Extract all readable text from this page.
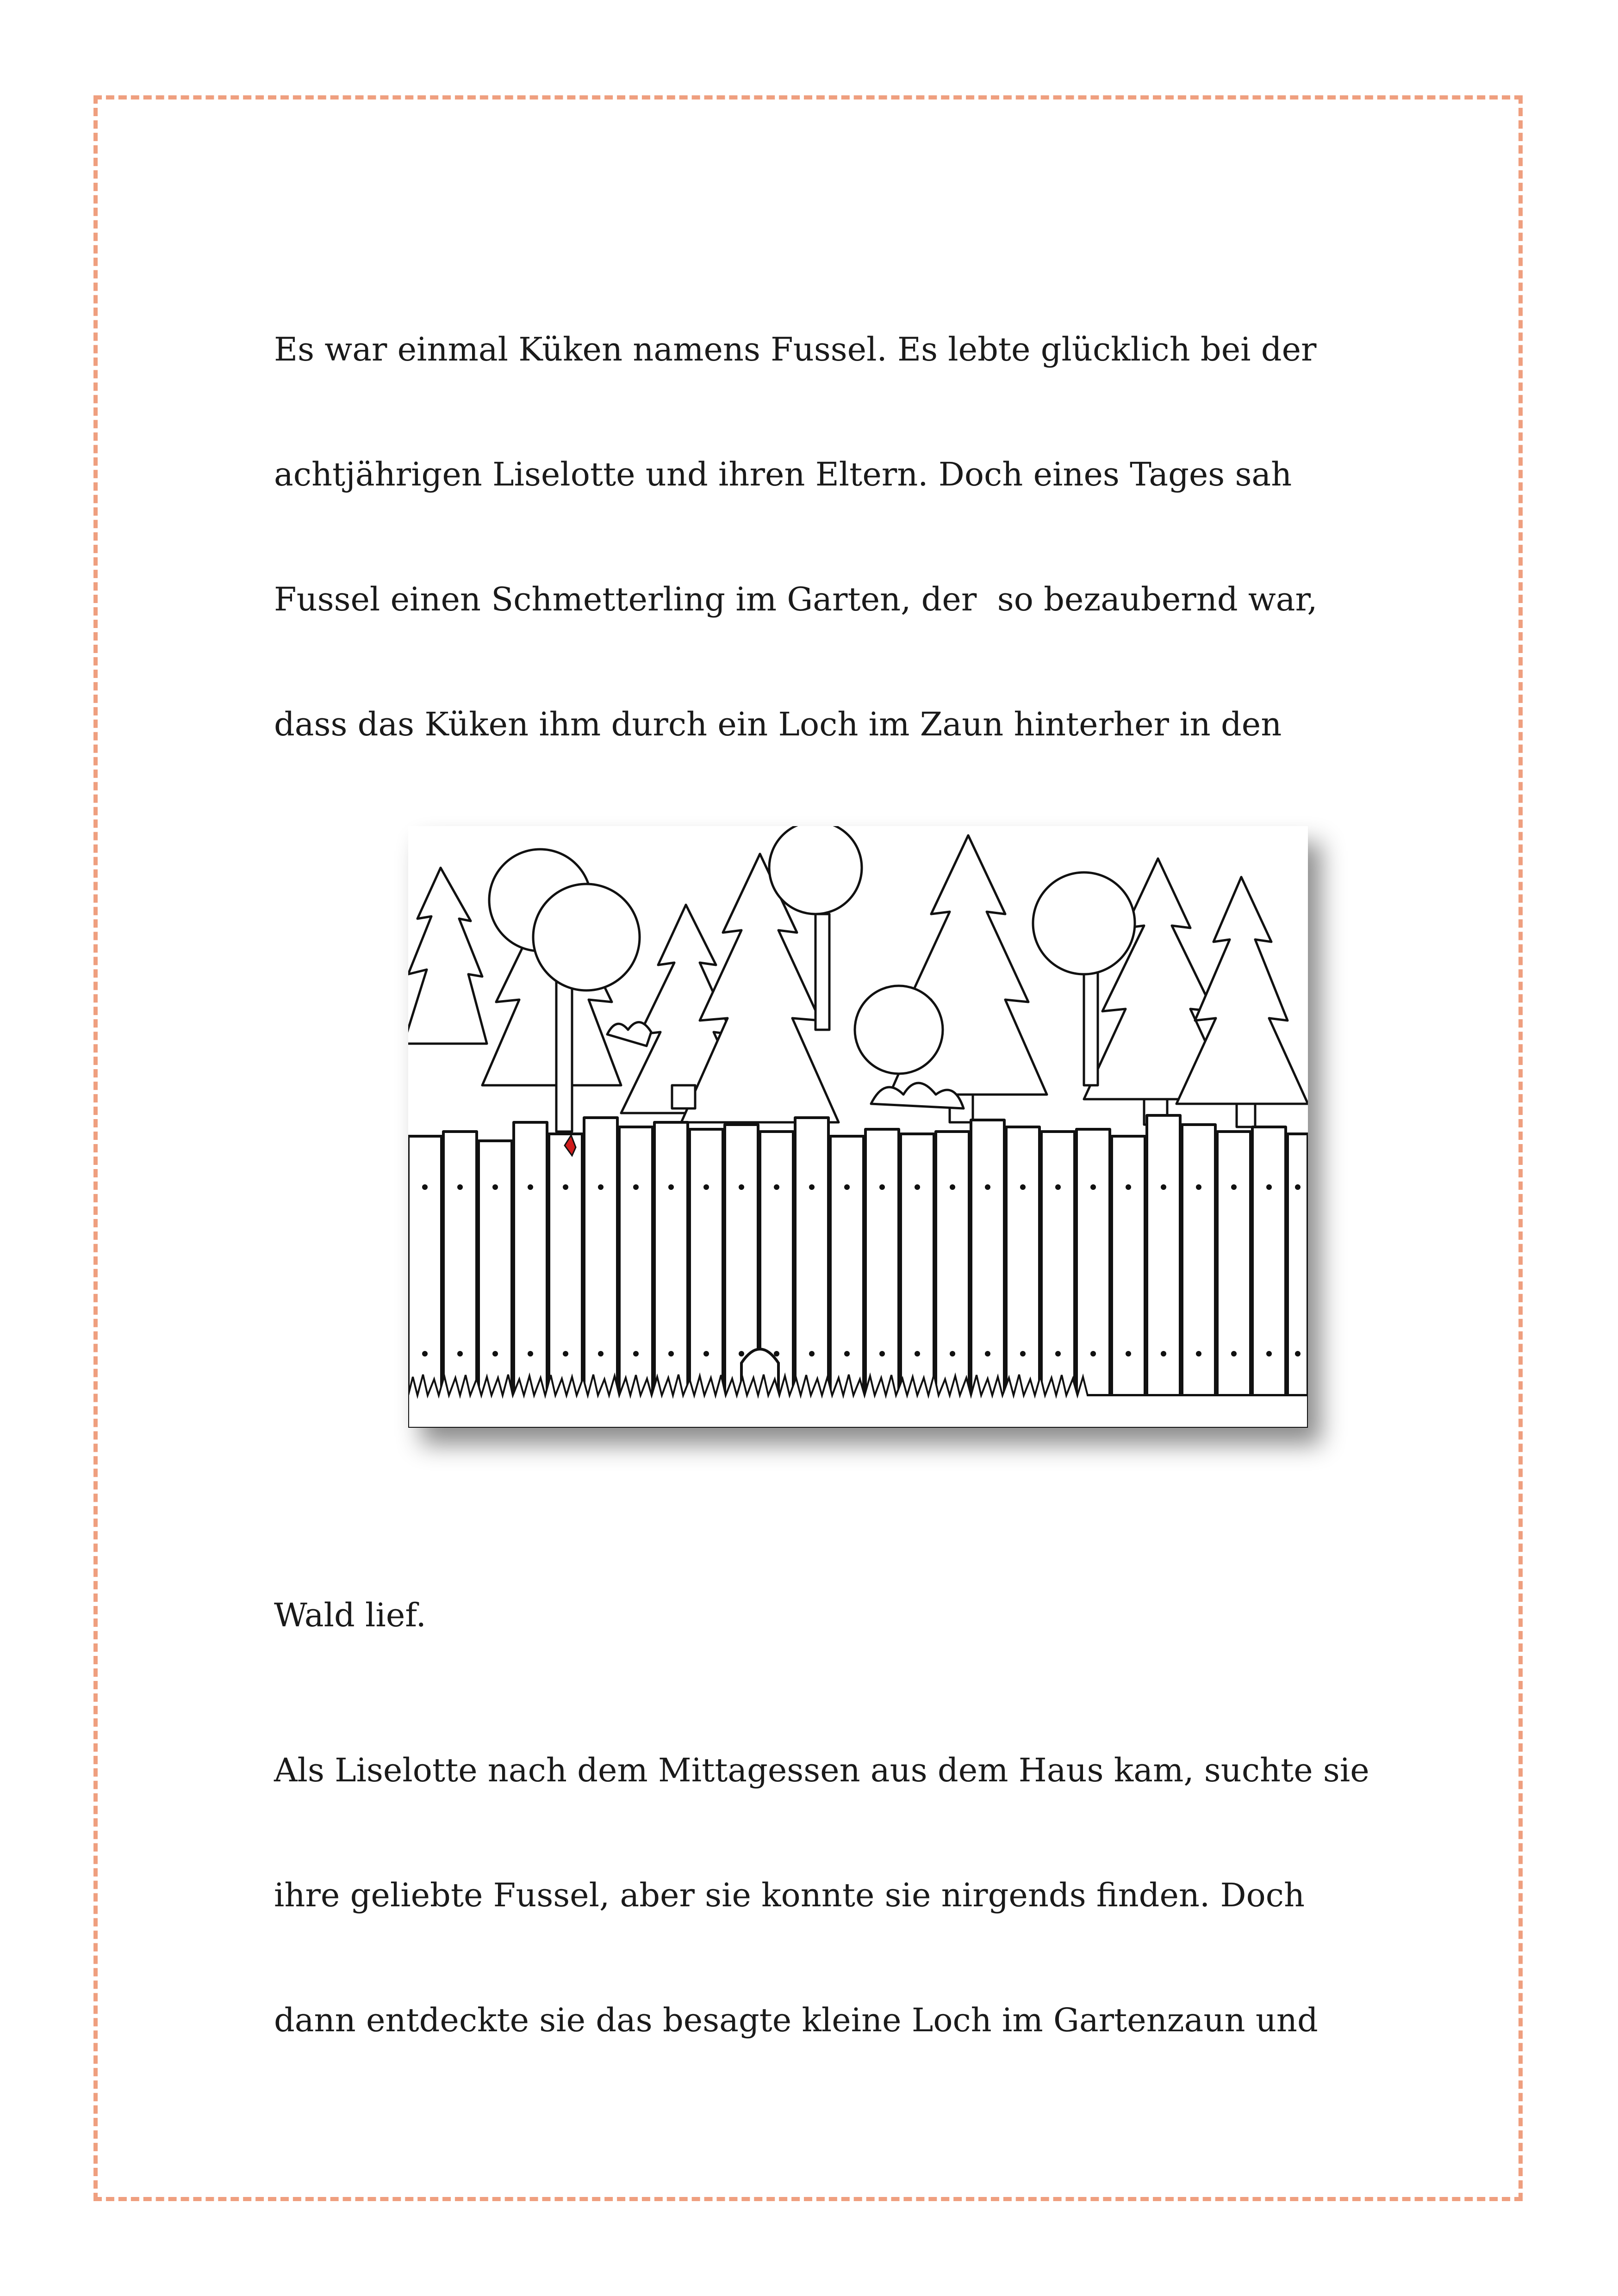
Es war einmal Küken namens Fussel. Es lebte glücklich bei der
achtjährigen Liselotte und ihren Eltern. Doch eines Tages sah
Fussel einen Schmetterling im Garten, der  so bezaubernd war,
dass das Küken ihm durch ein Loch im Zaun hinterher in den
Wald lief.
Als Liselotte nach dem Mittagessen aus dem Haus kam, suchte sie
ihre geliebte Fussel, aber sie konnte sie nirgends finden. Doch
dann entdeckte sie das besagte kleine Loch im Gartenzaun und
